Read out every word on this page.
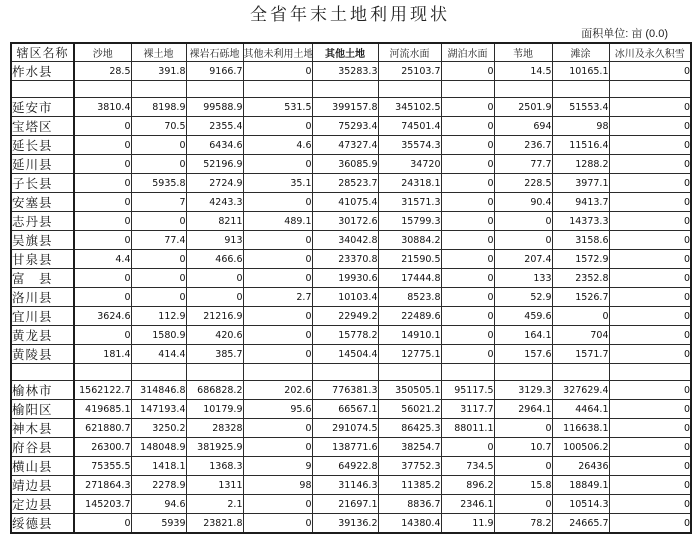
全省年末土地利用现状
面积单位: 亩 (0.0)
辖区名称	沙地	裸土地	裸岩石砾地	其他未利用土地	其他土地	河流水面	湖泊水面	苇地	滩涂	冰川及永久积雪
柞水县	28.5	391.8	9166.7	0	35283.3	25103.7	0	14.5	10165.1	0

延安市	3810.4	8198.9	99588.9	531.5	399157.8	345102.5	0	2501.9	51553.4	0
宝塔区	0	70.5	2355.4	0	75293.4	74501.4	0	694	98	0
延长县	0	0	6434.6	4.6	47327.4	35574.3	0	236.7	11516.4	0
延川县	0	0	52196.9	0	36085.9	34720	0	77.7	1288.2	0
子长县	0	5935.8	2724.9	35.1	28523.7	24318.1	0	228.5	3977.1	0
安塞县	0	7	4243.3	0	41075.4	31571.3	0	90.4	9413.7	0
志丹县	0	0	8211	489.1	30172.6	15799.3	0	0	14373.3	0
吴旗县	0	77.4	913	0	34042.8	30884.2	0	0	3158.6	0
甘泉县	4.4	0	466.6	0	23370.8	21590.5	0	207.4	1572.9	0
富　县	0	0	0	0	19930.6	17444.8	0	133	2352.8	0
洛川县	0	0	0	2.7	10103.4	8523.8	0	52.9	1526.7	0
宜川县	3624.6	112.9	21216.9	0	22949.2	22489.6	0	459.6	0	0
黄龙县	0	1580.9	420.6	0	15778.2	14910.1	0	164.1	704	0
黄陵县	181.4	414.4	385.7	0	14504.4	12775.1	0	157.6	1571.7	0

榆林市	1562122.7	314846.8	686828.2	202.6	776381.3	350505.1	95117.5	3129.3	327629.4	0
榆阳区	419685.1	147193.4	10179.9	95.6	66567.1	56021.2	3117.7	2964.1	4464.1	0
神木县	621880.7	3250.2	28328	0	291074.5	86425.3	88011.1	0	116638.1	0
府谷县	26300.7	148048.9	381925.9	0	138771.6	38254.7	0	10.7	100506.2	0
横山县	75355.5	1418.1	1368.3	9	64922.8	37752.3	734.5	0	26436	0
靖边县	271864.3	2278.9	1311	98	31146.3	11385.2	896.2	15.8	18849.1	0
定边县	145203.7	94.6	2.1	0	21697.1	8836.7	2346.1	0	10514.3	0
绥德县	0	5939	23821.8	0	39136.2	14380.4	11.9	78.2	24665.7	0
